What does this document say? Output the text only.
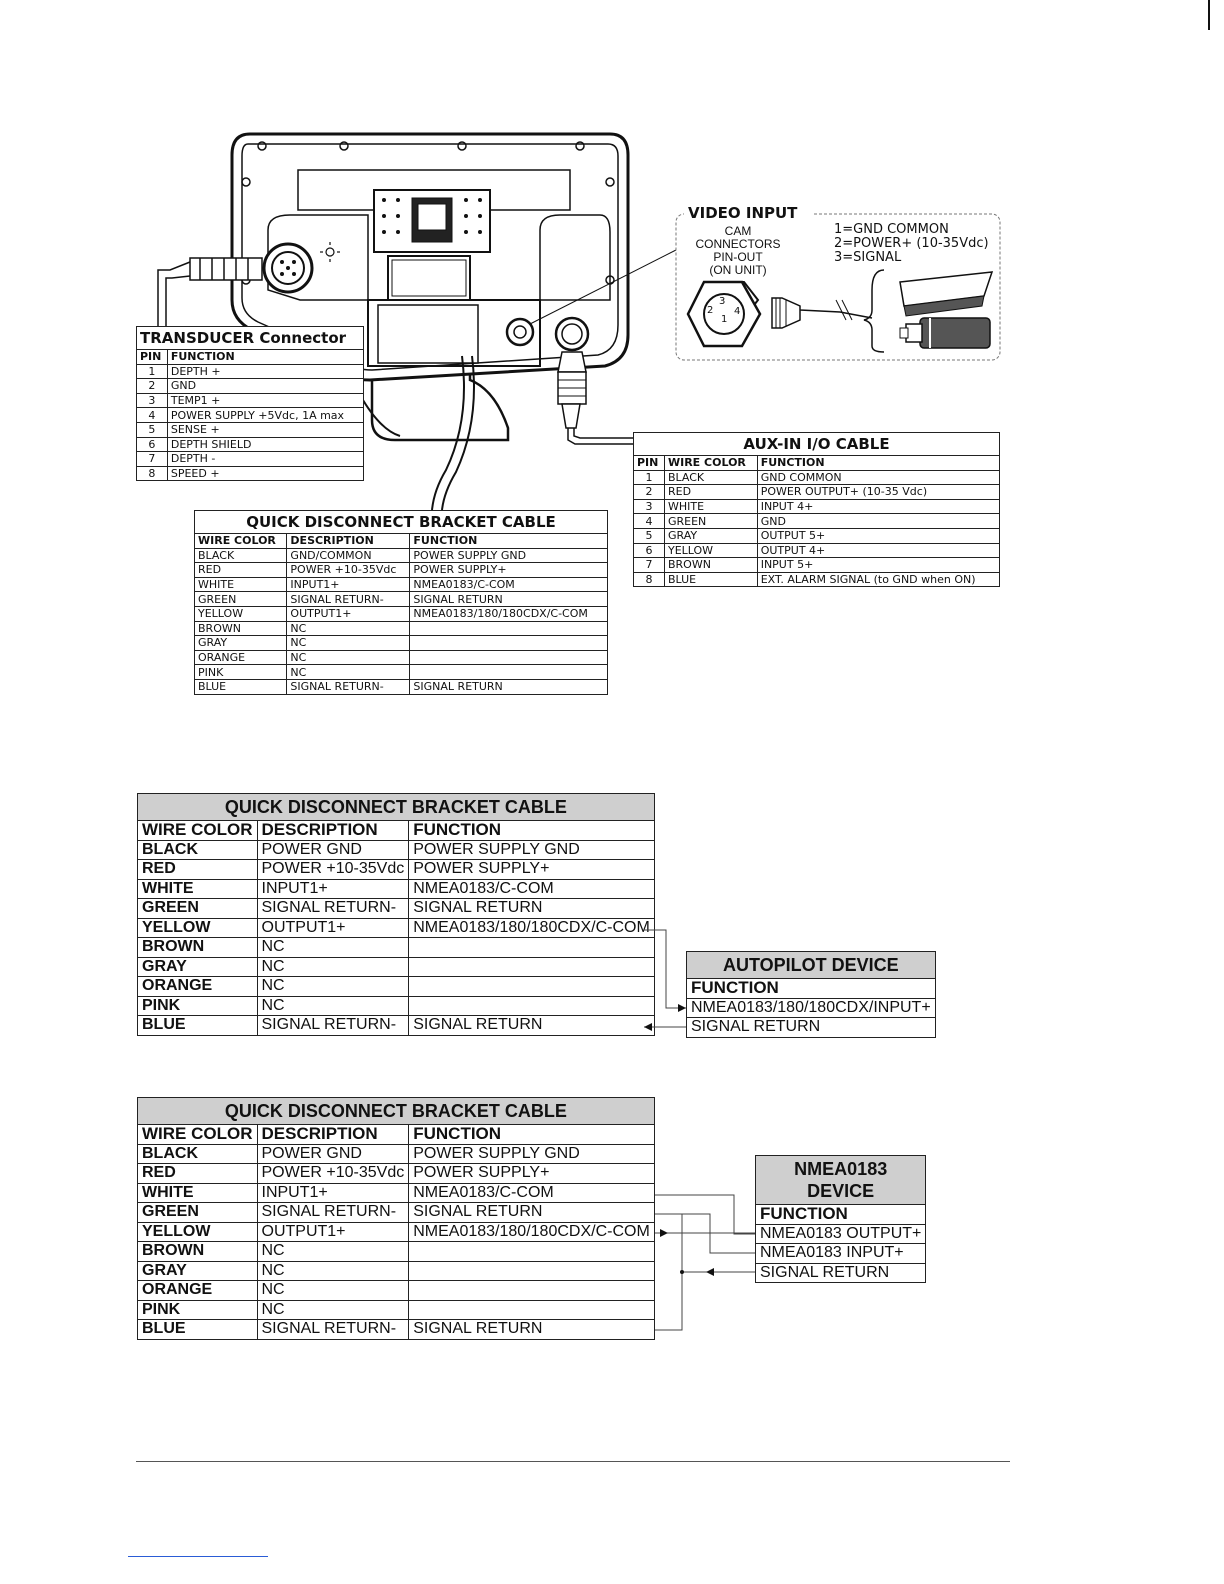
VIDEO INPUT
CAM CONNECTORS
PIN-OUT
(ON UNIT)
1=GND COMMON
2=POWER+ (10-35Vdc)
3=SIGNAL
3
2 4
1
TRANSDUCER Connector	
PIN	FUNCTION
1	DEPTH +
2	GND
3	TEMP1 +
4	POWER SUPPLY +5Vdc, 1A max
5	SENSE +
6	DEPTH SHIELD
7	DEPTH -
8	SPEED +
AUX-IN I/O CABLE		
PIN	WIRE COLOR	FUNCTION
1	BLACK	GND COMMON
2	RED	POWER OUTPUT+ (10-35 Vdc)
3	WHITE	INPUT 4+
4	GREEN	GND
5	GRAY	OUTPUT 5+
6	YELLOW	OUTPUT 4+
7	BROWN	INPUT 5+
8	BLUE	EXT. ALARM SIGNAL (to GND when ON)
QUICK DISCONNECT BRACKET CABLE		
WIRE COLOR	DESCRIPTION	FUNCTION
BLACK	GND/COMMON	POWER SUPPLY GND
RED	POWER +10-35Vdc	POWER SUPPLY+
WHITE	INPUT1+	NMEA0183/C-COM
GREEN	SIGNAL RETURN-	SIGNAL RETURN
YELLOW	OUTPUT1+	NMEA0183/180/180CDX/C-COM
BROWN	NC	
GRAY	NC	
ORANGE	NC	
PINK	NC	
BLUE	SIGNAL RETURN-	SIGNAL RETURN
QUICK DISCONNECT BRACKET CABLE		
WIRE COLOR	DESCRIPTION	FUNCTION
BLACK	POWER GND	POWER SUPPLY GND
RED	POWER +10-35Vdc	POWER SUPPLY+
WHITE	INPUT1+	NMEA0183/C-COM
GREEN	SIGNAL RETURN-	SIGNAL RETURN
YELLOW	OUTPUT1+	NMEA0183/180/180CDX/C-COM
BROWN	NC	
GRAY	NC	
ORANGE	NC	
PINK	NC	
BLUE	SIGNAL RETURN-	SIGNAL RETURN
AUTOPILOT DEVICE
FUNCTION
NMEA0183/180/180CDX/INPUT+
SIGNAL RETURN
QUICK DISCONNECT BRACKET CABLE		
WIRE COLOR	DESCRIPTION	FUNCTION
BLACK	POWER GND	POWER SUPPLY GND
RED	POWER +10-35Vdc	POWER SUPPLY+
WHITE	INPUT1+	NMEA0183/C-COM
GREEN	SIGNAL RETURN-	SIGNAL RETURN
YELLOW	OUTPUT1+	NMEA0183/180/180CDX/C-COM
BROWN	NC	
GRAY	NC	
ORANGE	NC	
PINK	NC	
BLUE	SIGNAL RETURN-	SIGNAL RETURN
NMEA0183
DEVICE

FUNCTION
NMEA0183 OUTPUT+
NMEA0183 INPUT+
SIGNAL RETURN
